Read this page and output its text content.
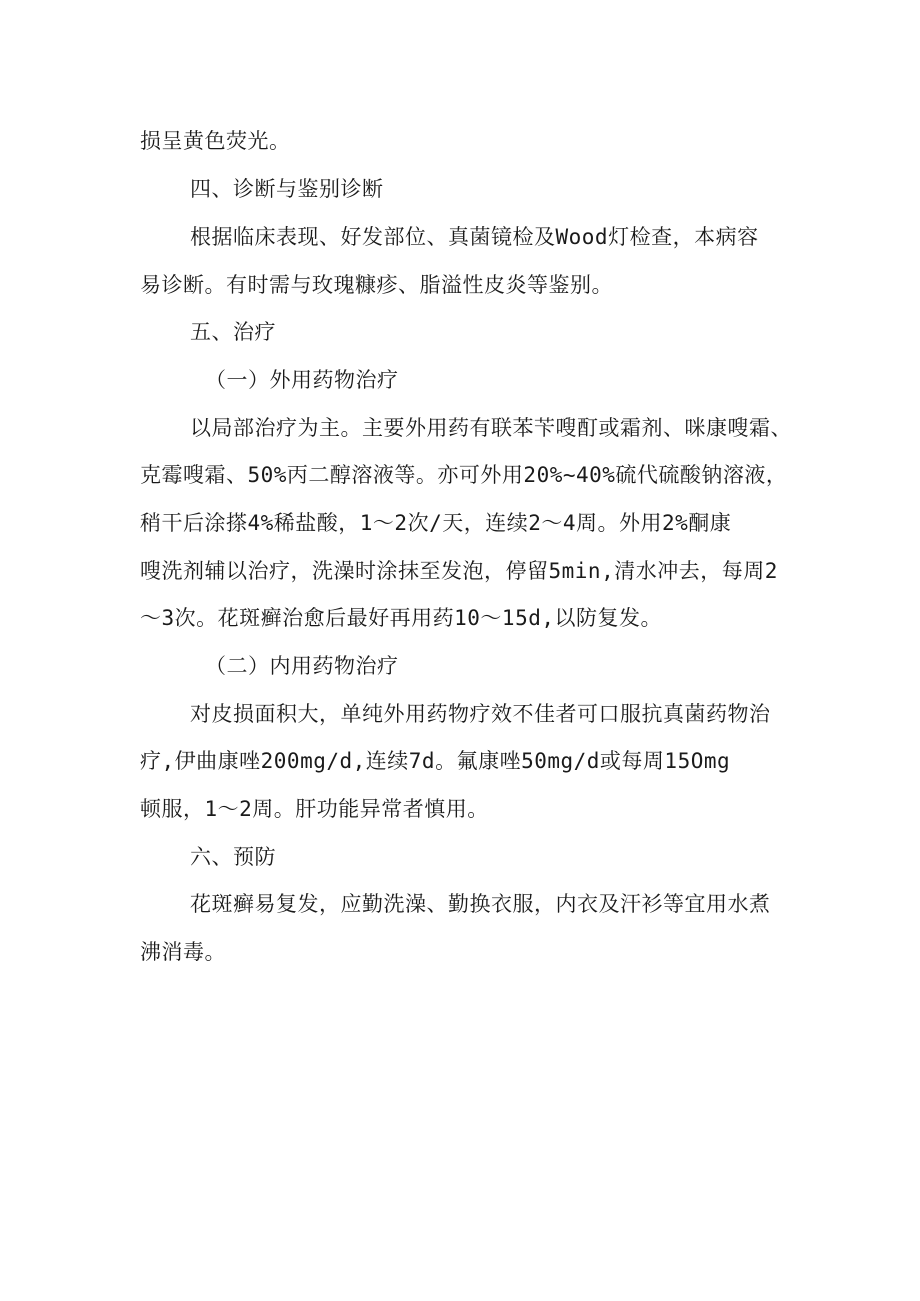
损呈黄色荧光。
四、诊断与鉴别诊断
根据临床表现、好发部位、真菌镜检及Wood灯检查，本病容
易诊断。有时需与玫瑰糠疹、脂溢性皮炎等鉴别。
五、治疗
（一）外用药物治疗
以局部治疗为主。主要外用药有联苯苄嗖酊或霜剂、咪康嗖霜、
克霉嗖霜、50%丙二醇溶液等。亦可外用20%~40%硫代硫酸钠溶液，
稍干后涂搽4%稀盐酸，1～2次/天，连续2～4周。外用2%酮康
嗖洗剂辅以治疗，洗澡时涂抹至发泡，停留5min,清水冲去，每周2
～3次。花斑癣治愈后最好再用药10～15d,以防复发。
（二）内用药物治疗
对皮损面积大，单纯外用药物疗效不佳者可口服抗真菌药物治
疗,伊曲康唑200mg∕d,连续7d。氟康唑50mg∕d或每周15Omg
顿服，1～2周。肝功能异常者慎用。
六、预防
花斑癣易复发，应勤洗澡、勤换衣服，内衣及汗衫等宜用水煮
沸消毒。
